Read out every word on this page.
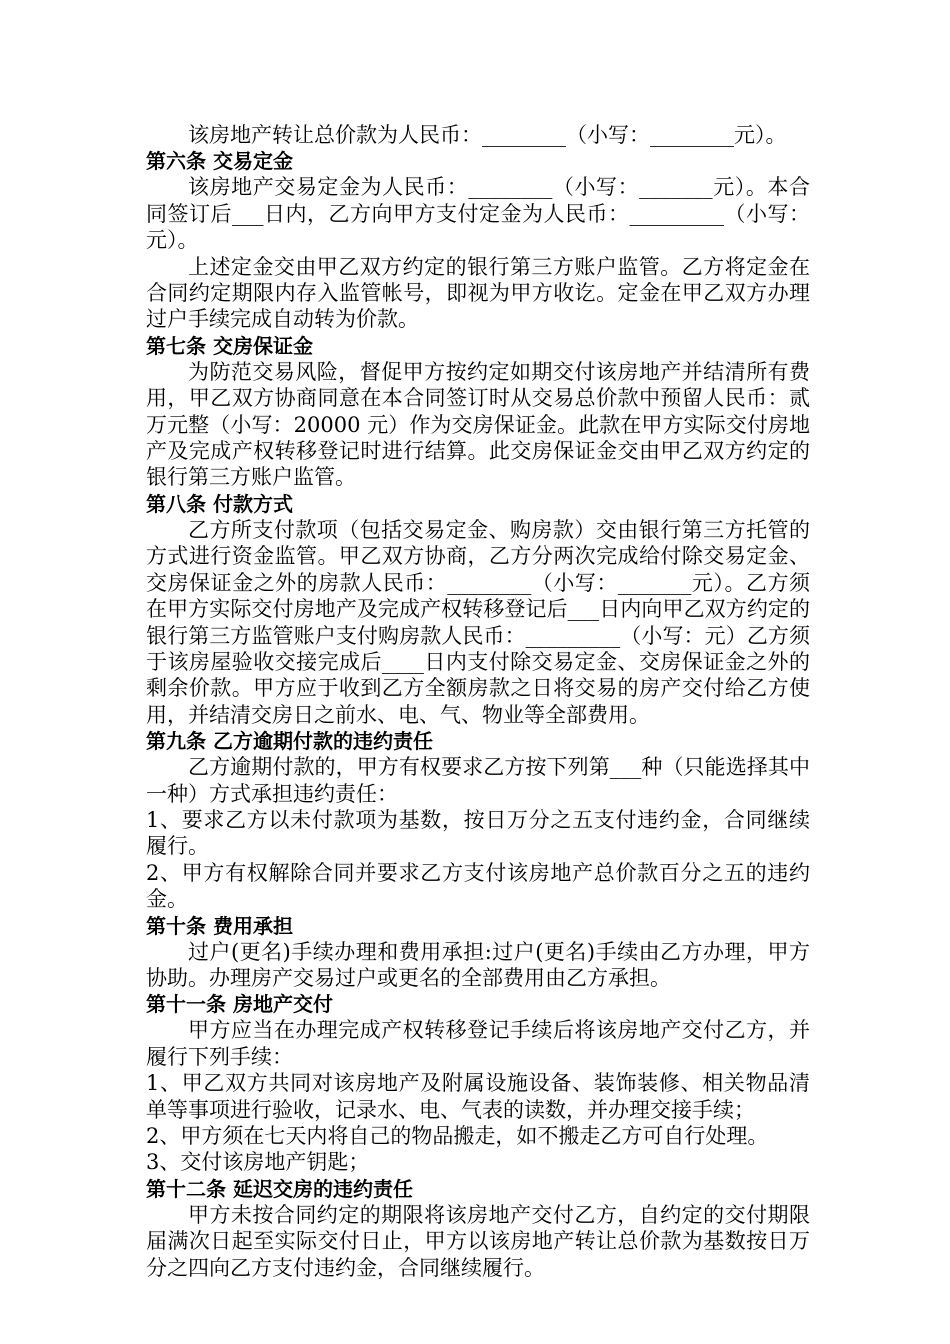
该房地产转让总价款为人民币：________（小写：________元）。

第六条 交易定金

该房地产交易定金为人民币：________（小写：_______元）。本合同签订后___日内，乙方向甲方支付定金为人民币：_________（小写：元）。

上述定金交由甲乙双方约定的银行第三方账户监管。乙方将定金在合同约定期限内存入监管帐号，即视为甲方收讫。定金在甲乙双方办理过户手续完成自动转为价款。

第七条 交房保证金

为防范交易风险，督促甲方按约定如期交付该房地产并结清所有费用，甲乙双方协商同意在本合同签订时从交易总价款中预留人民币：贰万元整（小写：20000 元）作为交房保证金。此款在甲方实际交付房地产及完成产权转移登记时进行结算。此交房保证金交由甲乙双方约定的银行第三方账户监管。

第八条 付款方式

乙方所支付款项（包括交易定金、购房款）交由银行第三方托管的方式进行资金监管。甲乙双方协商，乙方分两次完成给付除交易定金、交房保证金之外的房款人民币：________（小写：_______元）。乙方须在甲方实际交付房地产及完成产权转移登记后___日内向甲乙双方约定的银行第三方监管账户支付购房款人民币：_________（小写：元）乙方须于该房屋验收交接完成后____日内支付除交易定金、交房保证金之外的剩余价款。甲方应于收到乙方全额房款之日将交易的房产交付给乙方使用，并结清交房日之前水、电、气、物业等全部费用。

第九条 乙方逾期付款的违约责任

乙方逾期付款的，甲方有权要求乙方按下列第___种（只能选择其中一种）方式承担违约责任：

1、要求乙方以未付款项为基数，按日万分之五支付违约金，合同继续履行。

2、甲方有权解除合同并要求乙方支付该房地产总价款百分之五的违约金。

第十条 费用承担

过户(更名)手续办理和费用承担:过户(更名)手续由乙方办理，甲方协助。办理房产交易过户或更名的全部费用由乙方承担。

第十一条 房地产交付

甲方应当在办理完成产权转移登记手续后将该房地产交付乙方，并履行下列手续：

1、甲乙双方共同对该房地产及附属设施设备、装饰装修、相关物品清单等事项进行验收，记录水、电、气表的读数，并办理交接手续；

2、甲方须在七天内将自己的物品搬走，如不搬走乙方可自行处理。

3、交付该房地产钥匙；

第十二条 延迟交房的违约责任

甲方未按合同约定的期限将该房地产交付乙方，自约定的交付期限届满次日起至实际交付日止，甲方以该房地产转让总价款为基数按日万分之四向乙方支付违约金，合同继续履行。
